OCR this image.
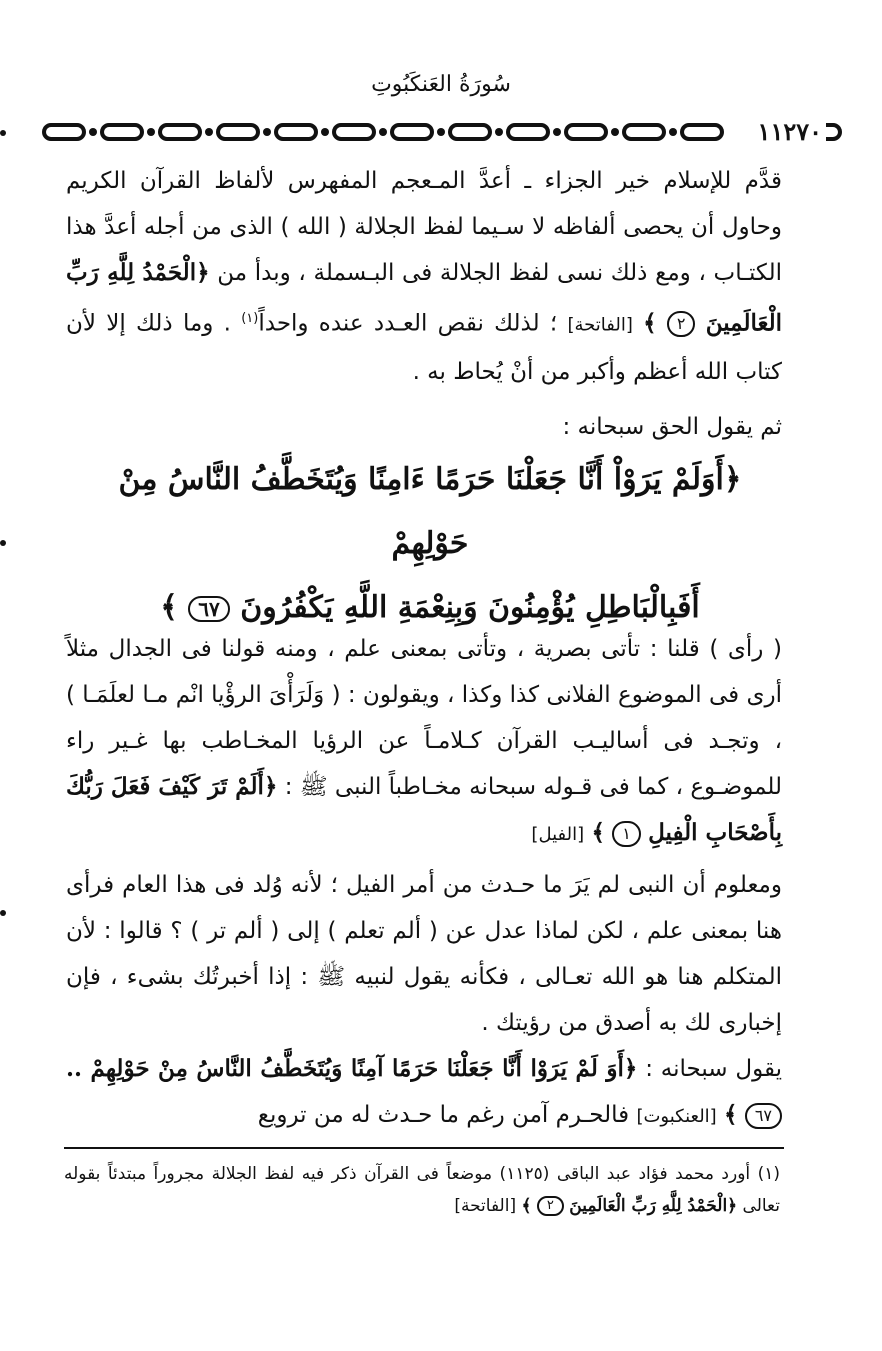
سُورَةُ العَنكَبُوتِ
١١٢٧٠
قدَّم للإسلام خير الجزاء ـ أعدَّ المـعجم المفهرس لألفاظ القرآن الكريم وحاول أن يحصى ألفاظه لا سـيما لفظ الجلالة ( الله ) الذى من أجله أعدَّ هذا الكتـاب ، ومع ذلك نسى لفظ الجلالة فى البـسملة ، وبدأ من ﴿الْحَمْدُ لِلَّهِ رَبِّ الْعَالَمِينَ ٢ ﴾ [الفاتحة] ؛ لذلك نقص العـدد عنده واحداً$^{(١)}$ . وما ذلك إلا لأن كتاب الله أعظم وأكبر من أنْ يُحاط به .
ثم يقول الحق سبحانه :
﴿أَوَلَمْ يَرَوْاْ أَنَّا جَعَلْنَا حَرَمًا ءَامِنًا وَيُتَخَطَّفُ النَّاسُ مِنْ حَوْلِهِمْ
أَفَبِالْبَاطِلِ يُؤْمِنُونَ وَبِنِعْمَةِ اللَّهِ يَكْفُرُونَ ٦٧ ﴾
( رأى ) قلنا : تأتى بصرية ، وتأتى بمعنى علم ، ومنه قولنا فى الجدال مثلاً أرى فى الموضوع الفلانى كذا وكذا ، ويقولون : ( وَلَرَأْىَ الرؤْيا انْم مـا لعلَمَـا ) ، وتجـد فى أساليـب القرآن كـلامـاً عن الرؤيا المخـاطب بها غـير راء للموضـوع ، كما فى قـوله سبحانه مخـاطباً النبى ﷺ : ﴿أَلَمْ تَرَ كَيْفَ فَعَلَ رَبُّكَ بِأَصْحَابِ الْفِيلِ ١ ﴾ [الفيل]
ومعلوم أن النبى لم يَرَ ما حـدث من أمر الفيل ؛ لأنه وُلد فى هذا العام فرأى هنا بمعنى علم ، لكن لماذا عدل عن ( ألم تعلم ) إلى ( ألم تر ) ؟ قالوا : لأن المتكلم هنا هو الله تعـالى ، فكأنه يقول لنبيه ﷺ : إذا أخبرتُك بشىء ، فإن إخبارى لك به أصدق من رؤيتك .
يقول سبحانه : ﴿أَوَ لَمْ يَرَوْا أَنَّا جَعَلْنَا حَرَمًا آمِنًا وَيُتَخَطَّفُ النَّاسُ مِنْ حَوْلِهِمْ .. ٦٧ ﴾ [العنكبوت] فالحـرم آمن رغم ما حـدث له من ترويع
(١) أورد محمد فؤاد عبد الباقى (١١٢٥) موضعاً فى القرآن ذكر فيه لفظ الجلالة مجروراً مبتدئاً بقوله تعالى ﴿الْحَمْدُ لِلَّهِ رَبِّ الْعَالَمِينَ ٢ ﴾ [الفاتحة]
